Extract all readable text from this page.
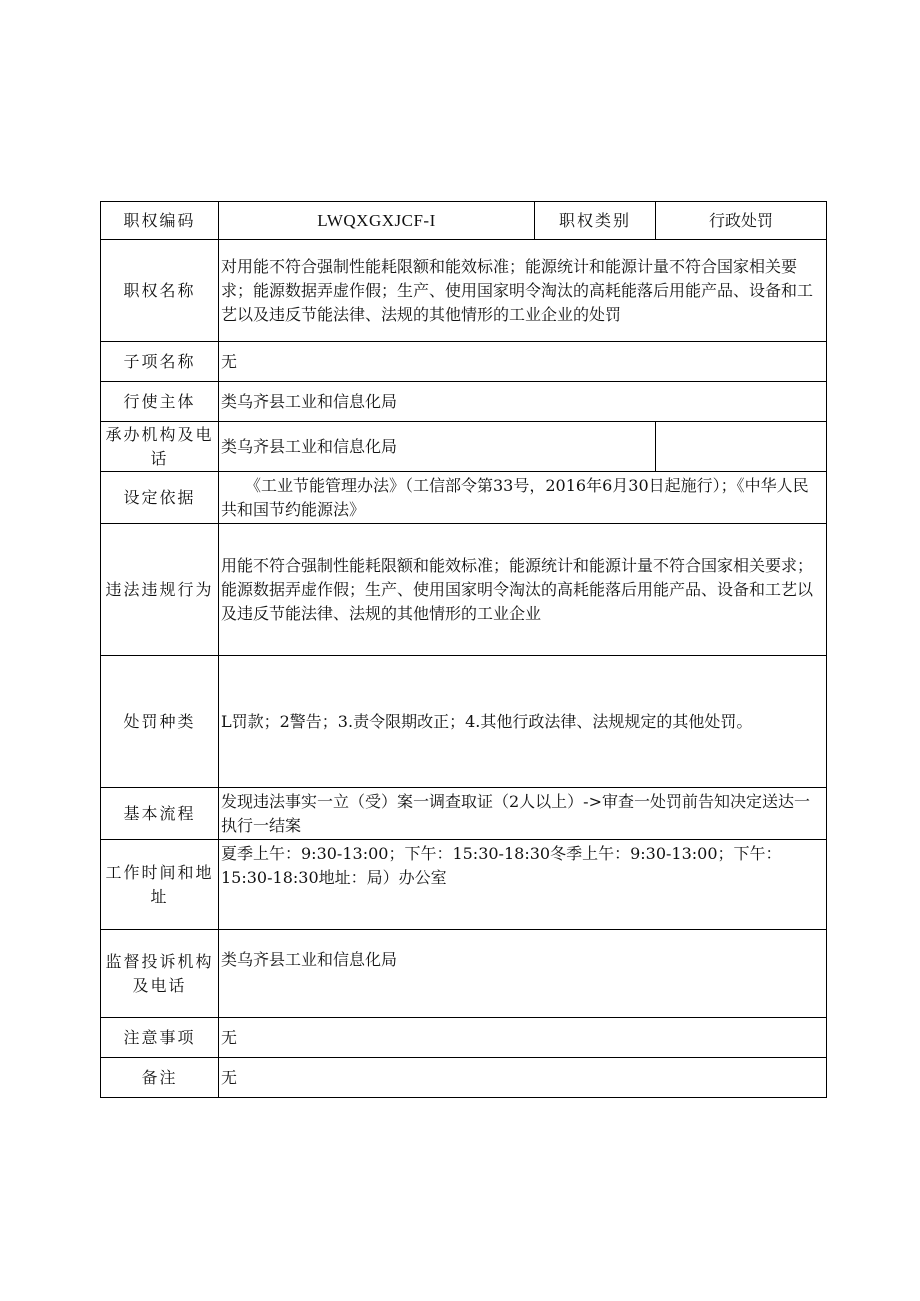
职权编码	LWQXGXJCF-I	职权类别	行政处罚
职权名称	对用能不符合强制性能耗限额和能效标准；能源统计和能源计量不符合国家相关要求；能源数据弄虚作假；生产、使用国家明令淘汰的高耗能落后用能产品、设备和工艺以及违反节能法律、法规的其他情形的工业企业的处罚		
子项名称	无		
行使主体	类乌齐县工业和信息化局		
承办机构及电话	类乌齐县工业和信息化局		
设定依据	《工业节能管理办法》（工信部令第33号，2016年6月30日起施行）；《中华人民共和国节约能源法》		
违法违规行为	用能不符合强制性能耗限额和能效标准；能源统计和能源计量不符合国家相关要求；能源数据弄虚作假；生产、使用国家明令淘汰的高耗能落后用能产品、设备和工艺以及违反节能法律、法规的其他情形的工业企业		
处罚种类	L罚款；2警告；3.责令限期改正；4.其他行政法律、法规规定的其他处罚。		
基本流程	发现违法事实一立（受）案一调查取证（2人以上）->审查一处罚前告知决定送达一执行一结案		
工作时间和地址	夏季上午：9:30-13:00；下午：15:30-18:30冬季上午：9:30-13:00；下午：15:30-18:30地址：局）办公室		
监督投诉机构及电话	类乌齐县工业和信息化局		
注意事项	无		
备注	无		
